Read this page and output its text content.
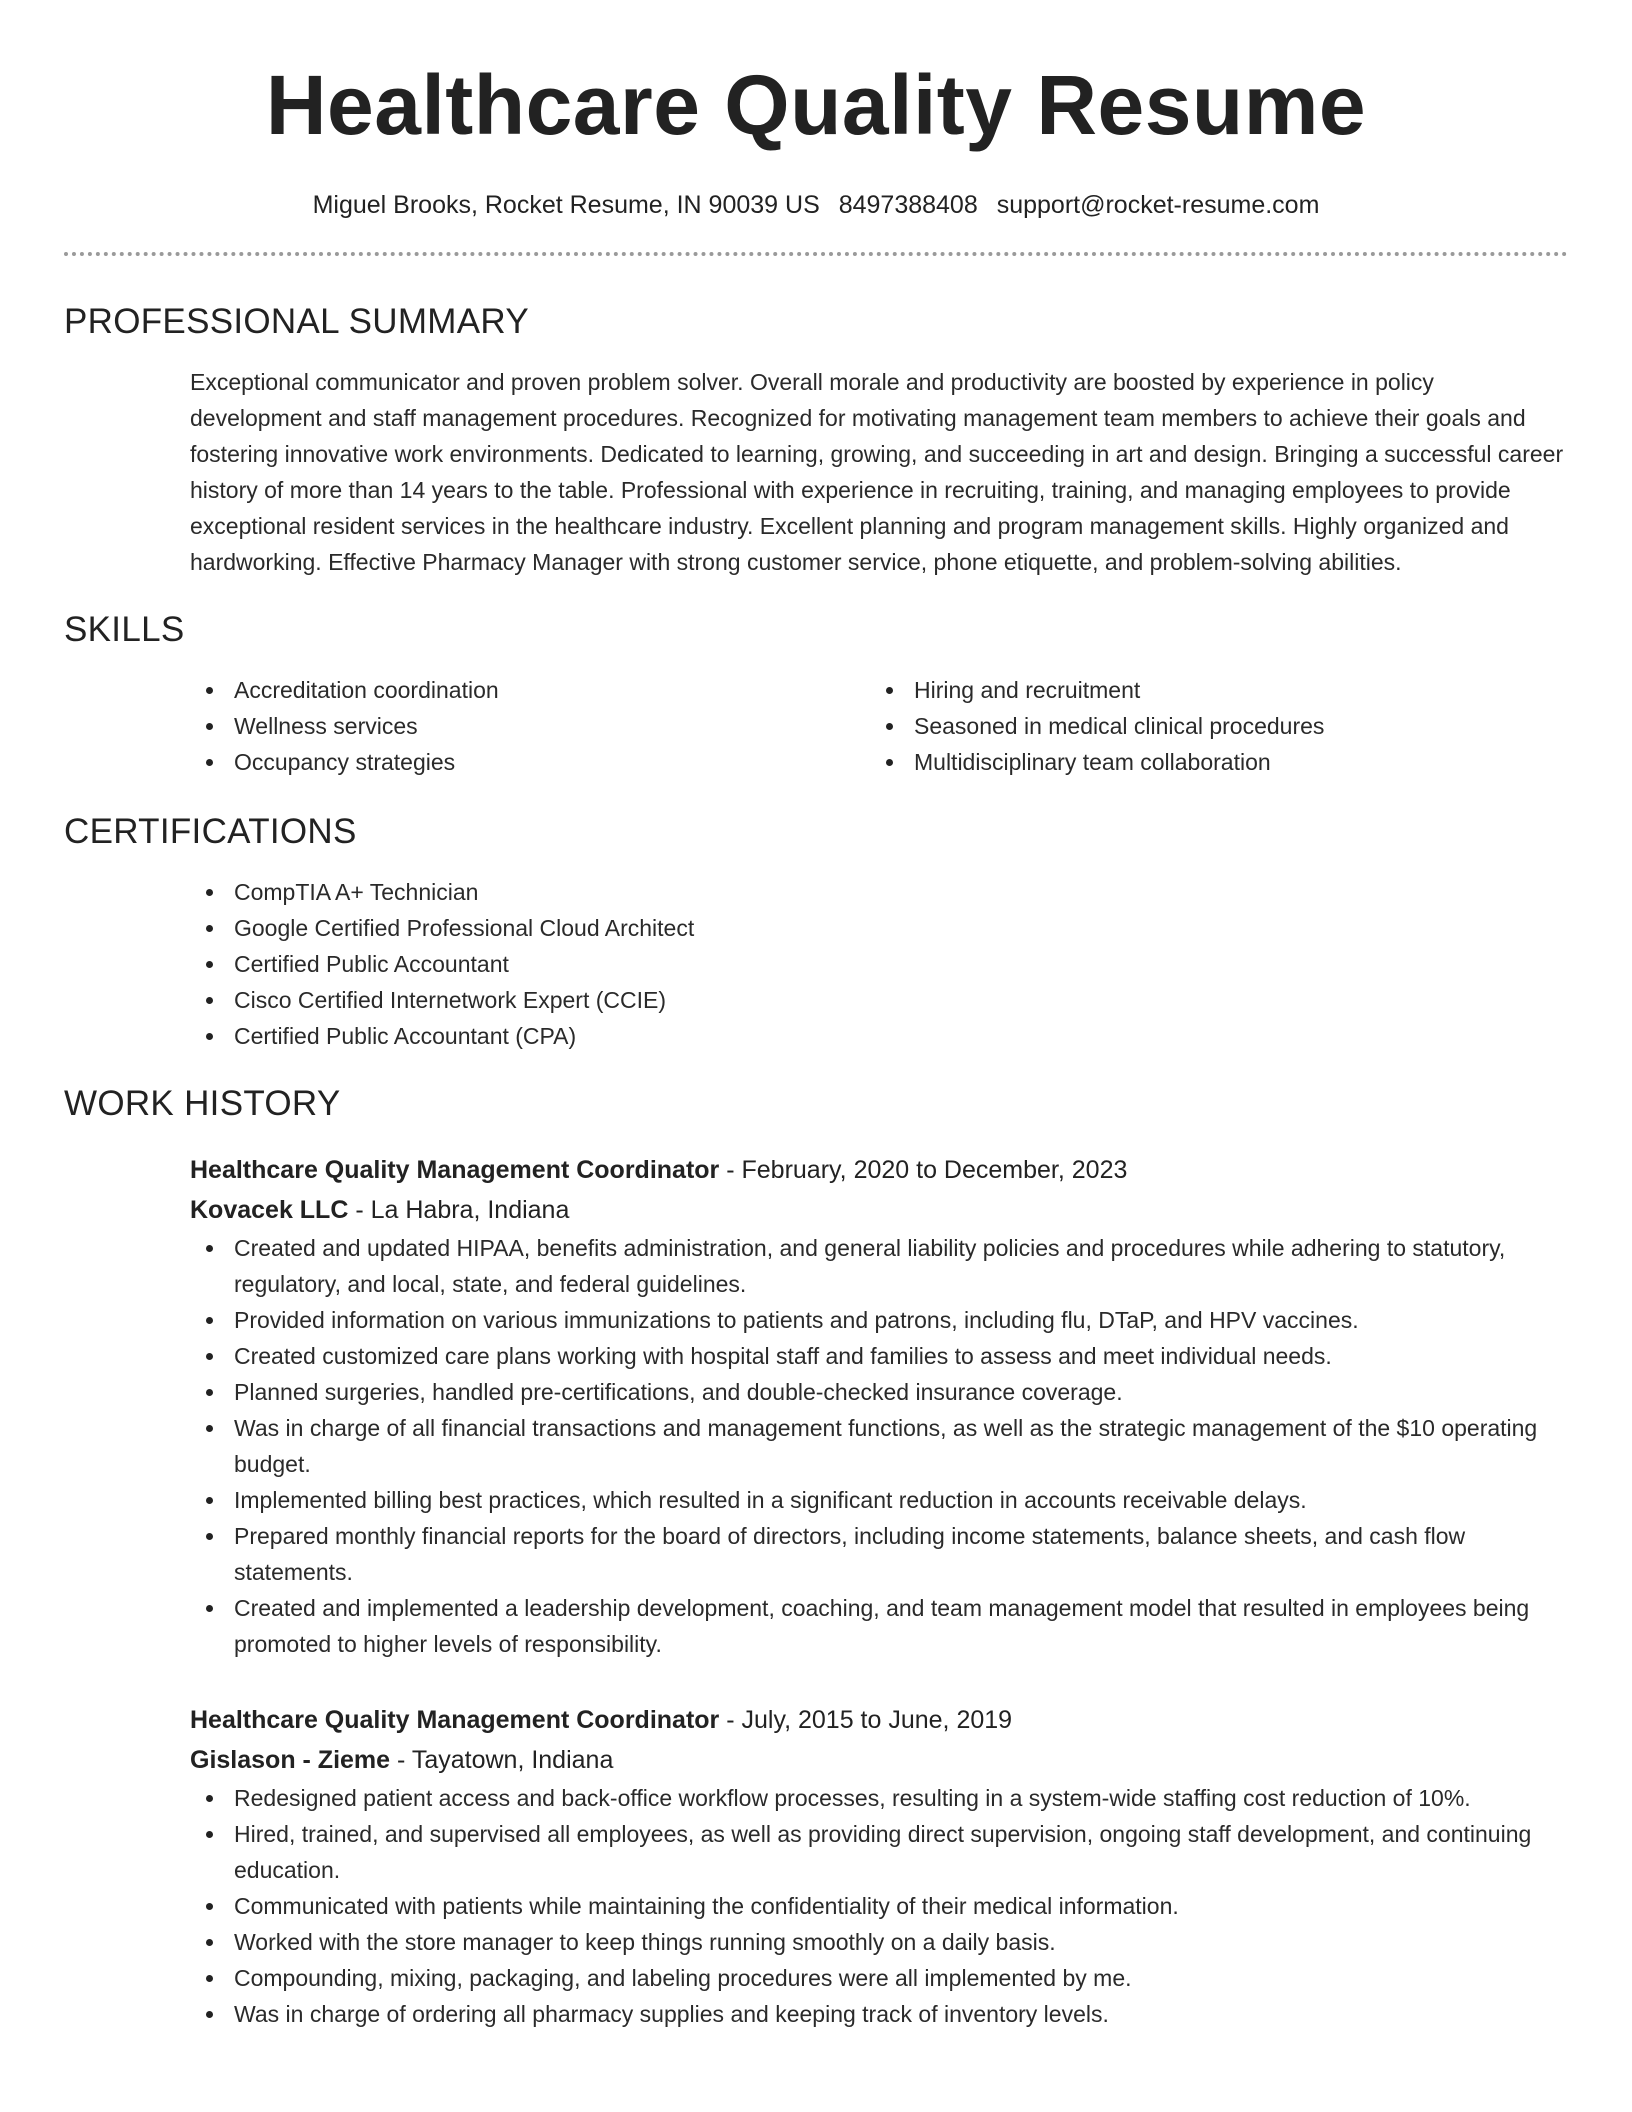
Healthcare Quality Resume
Miguel Brooks, Rocket Resume, IN 90039 US 8497388408 support@rocket-resume.com
PROFESSIONAL SUMMARY
Exceptional communicator and proven problem solver. Overall morale and productivity are boosted by experience in policy development and staff management procedures. Recognized for motivating management team members to achieve their goals and fostering innovative work environments. Dedicated to learning, growing, and succeeding in art and design. Bringing a successful career history of more than 14 years to the table. Professional with experience in recruiting, training, and managing employees to provide exceptional resident services in the healthcare industry. Excellent planning and program management skills. Highly organized and hardworking. Effective Pharmacy Manager with strong customer service, phone etiquette, and problem-solving abilities.
SKILLS
Accreditation coordination
Wellness services
Occupancy strategies
Hiring and recruitment
Seasoned in medical clinical procedures
Multidisciplinary team collaboration
CERTIFICATIONS
CompTIA A+ Technician
Google Certified Professional Cloud Architect
Certified Public Accountant
Cisco Certified Internetwork Expert (CCIE)
Certified Public Accountant (CPA)
WORK HISTORY
Healthcare Quality Management Coordinator - February, 2020 to December, 2023
Kovacek LLC - La Habra, Indiana
Created and updated HIPAA, benefits administration, and general liability policies and procedures while adhering to statutory, regulatory, and local, state, and federal guidelines.
Provided information on various immunizations to patients and patrons, including flu, DTaP, and HPV vaccines.
Created customized care plans working with hospital staff and families to assess and meet individual needs.
Planned surgeries, handled pre-certifications, and double-checked insurance coverage.
Was in charge of all financial transactions and management functions, as well as the strategic management of the $10 operating budget.
Implemented billing best practices, which resulted in a significant reduction in accounts receivable delays.
Prepared monthly financial reports for the board of directors, including income statements, balance sheets, and cash flow statements.
Created and implemented a leadership development, coaching, and team management model that resulted in employees being promoted to higher levels of responsibility.
Healthcare Quality Management Coordinator - July, 2015 to June, 2019
Gislason - Zieme - Tayatown, Indiana
Redesigned patient access and back-office workflow processes, resulting in a system-wide staffing cost reduction of 10%.
Hired, trained, and supervised all employees, as well as providing direct supervision, ongoing staff development, and continuing education.
Communicated with patients while maintaining the confidentiality of their medical information.
Worked with the store manager to keep things running smoothly on a daily basis.
Compounding, mixing, packaging, and labeling procedures were all implemented by me.
Was in charge of ordering all pharmacy supplies and keeping track of inventory levels.
